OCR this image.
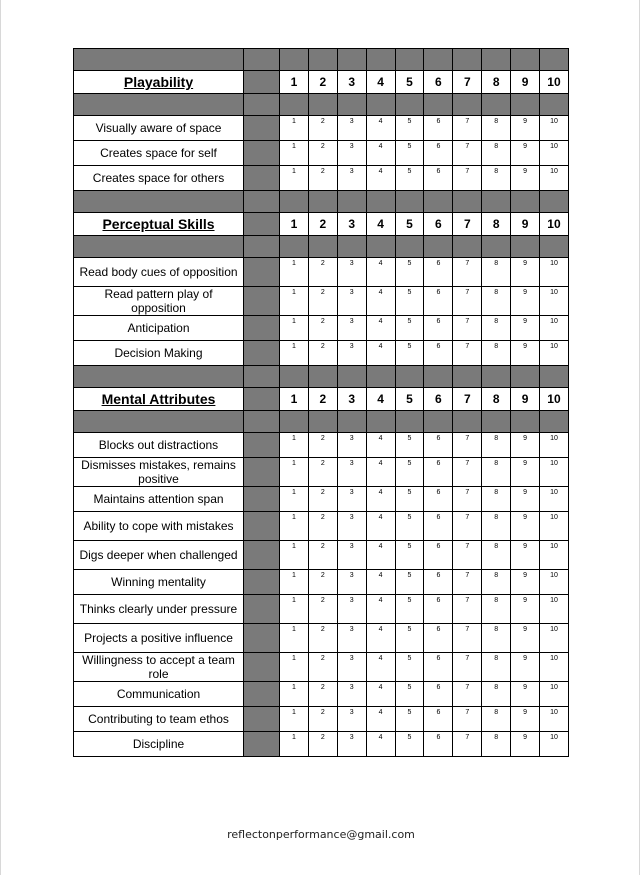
Playability		1	2	3	4	5	6	7	8	9	10

Visually aware of space		1	2	3	4	5	6	7	8	9	10
Creates space for self		1	2	3	4	5	6	7	8	9	10
Creates space for others		1	2	3	4	5	6	7	8	9	10

Perceptual Skills		1	2	3	4	5	6	7	8	9	10

Read body cues of opposition		1	2	3	4	5	6	7	8	9	10
Read pattern play of opposition		1	2	3	4	5	6	7	8	9	10
Anticipation		1	2	3	4	5	6	7	8	9	10
Decision Making		1	2	3	4	5	6	7	8	9	10

Mental Attributes		1	2	3	4	5	6	7	8	9	10

Blocks out distractions		1	2	3	4	5	6	7	8	9	10
Dismisses mistakes, remains positive		1	2	3	4	5	6	7	8	9	10
Maintains attention span		1	2	3	4	5	6	7	8	9	10
Ability to cope with mistakes		1	2	3	4	5	6	7	8	9	10
Digs deeper when challenged		1	2	3	4	5	6	7	8	9	10
Winning mentality		1	2	3	4	5	6	7	8	9	10
Thinks clearly under pressure		1	2	3	4	5	6	7	8	9	10
Projects a positive influence		1	2	3	4	5	6	7	8	9	10
Willingness to accept a team role		1	2	3	4	5	6	7	8	9	10
Communication		1	2	3	4	5	6	7	8	9	10
Contributing to team ethos		1	2	3	4	5	6	7	8	9	10
Discipline		1	2	3	4	5	6	7	8	9	10
reflectonperformance@gmail.com
